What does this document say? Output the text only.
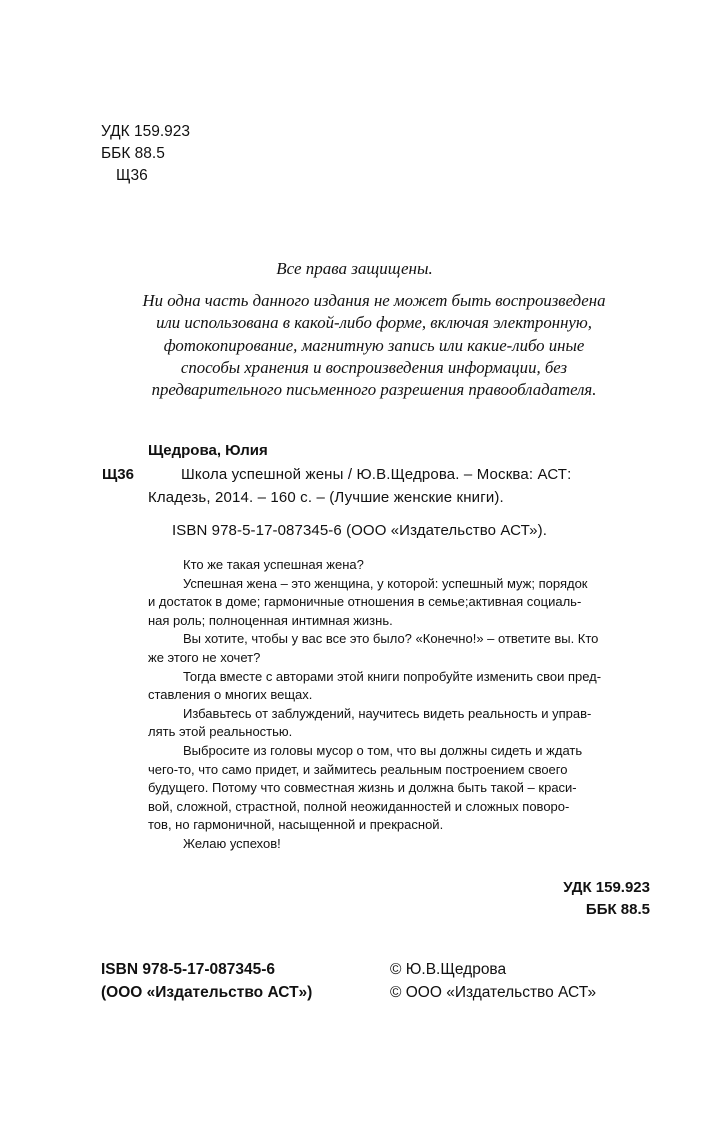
УДК 159.923
ББК 88.5
Щ36
Все права защищены.
Ни одна часть данного издания не может быть воспроизведена
или использована в какой-либо форме, включая электронную,
фотокопирование, магнитную запись или какие-либо иные
способы хранения и воспроизведения информации, без
предварительного письменного разрешения правообладателя.
Щедрова, Юлия
Щ36	Школа успешной жены / Ю.В.Щедрова. – Москва: АСТ:
Кладезь, 2014. – 160 с. – (Лучшие женские книги).
ISBN 978-5-17-087345-6 (ООО «Издательство АСТ»).
Кто же такая успешная жена?
Успешная жена – это женщина, у которой: успешный муж; порядок
и достаток в доме; гармоничные отношения в семье;активная социаль-
ная роль; полноценная интимная жизнь.
Вы хотите, чтобы у вас все это было? «Конечно!» – ответите вы. Кто
же этого не хочет?
Тогда вместе с авторами этой книги попробуйте изменить свои пред-
ставления о многих вещах.
Избавьтесь от заблуждений, научитесь видеть реальность и управ-
лять этой реальностью.
Выбросите из головы мусор о том, что вы должны сидеть и ждать
чего-то, что само придет, и займитесь реальным построением своего
будущего. Потому что совместная жизнь и должна быть такой – краси-
вой, сложной, страстной, полной неожиданностей и сложных поворо-
тов, но гармоничной, насыщенной и прекрасной.
Желаю успехов!
УДК 159.923
ББК 88.5
ISBN 978-5-17-087345-6
(ООО «Издательство АСТ»)
© Ю.В.Щедрова
© ООО «Издательство АСТ»
